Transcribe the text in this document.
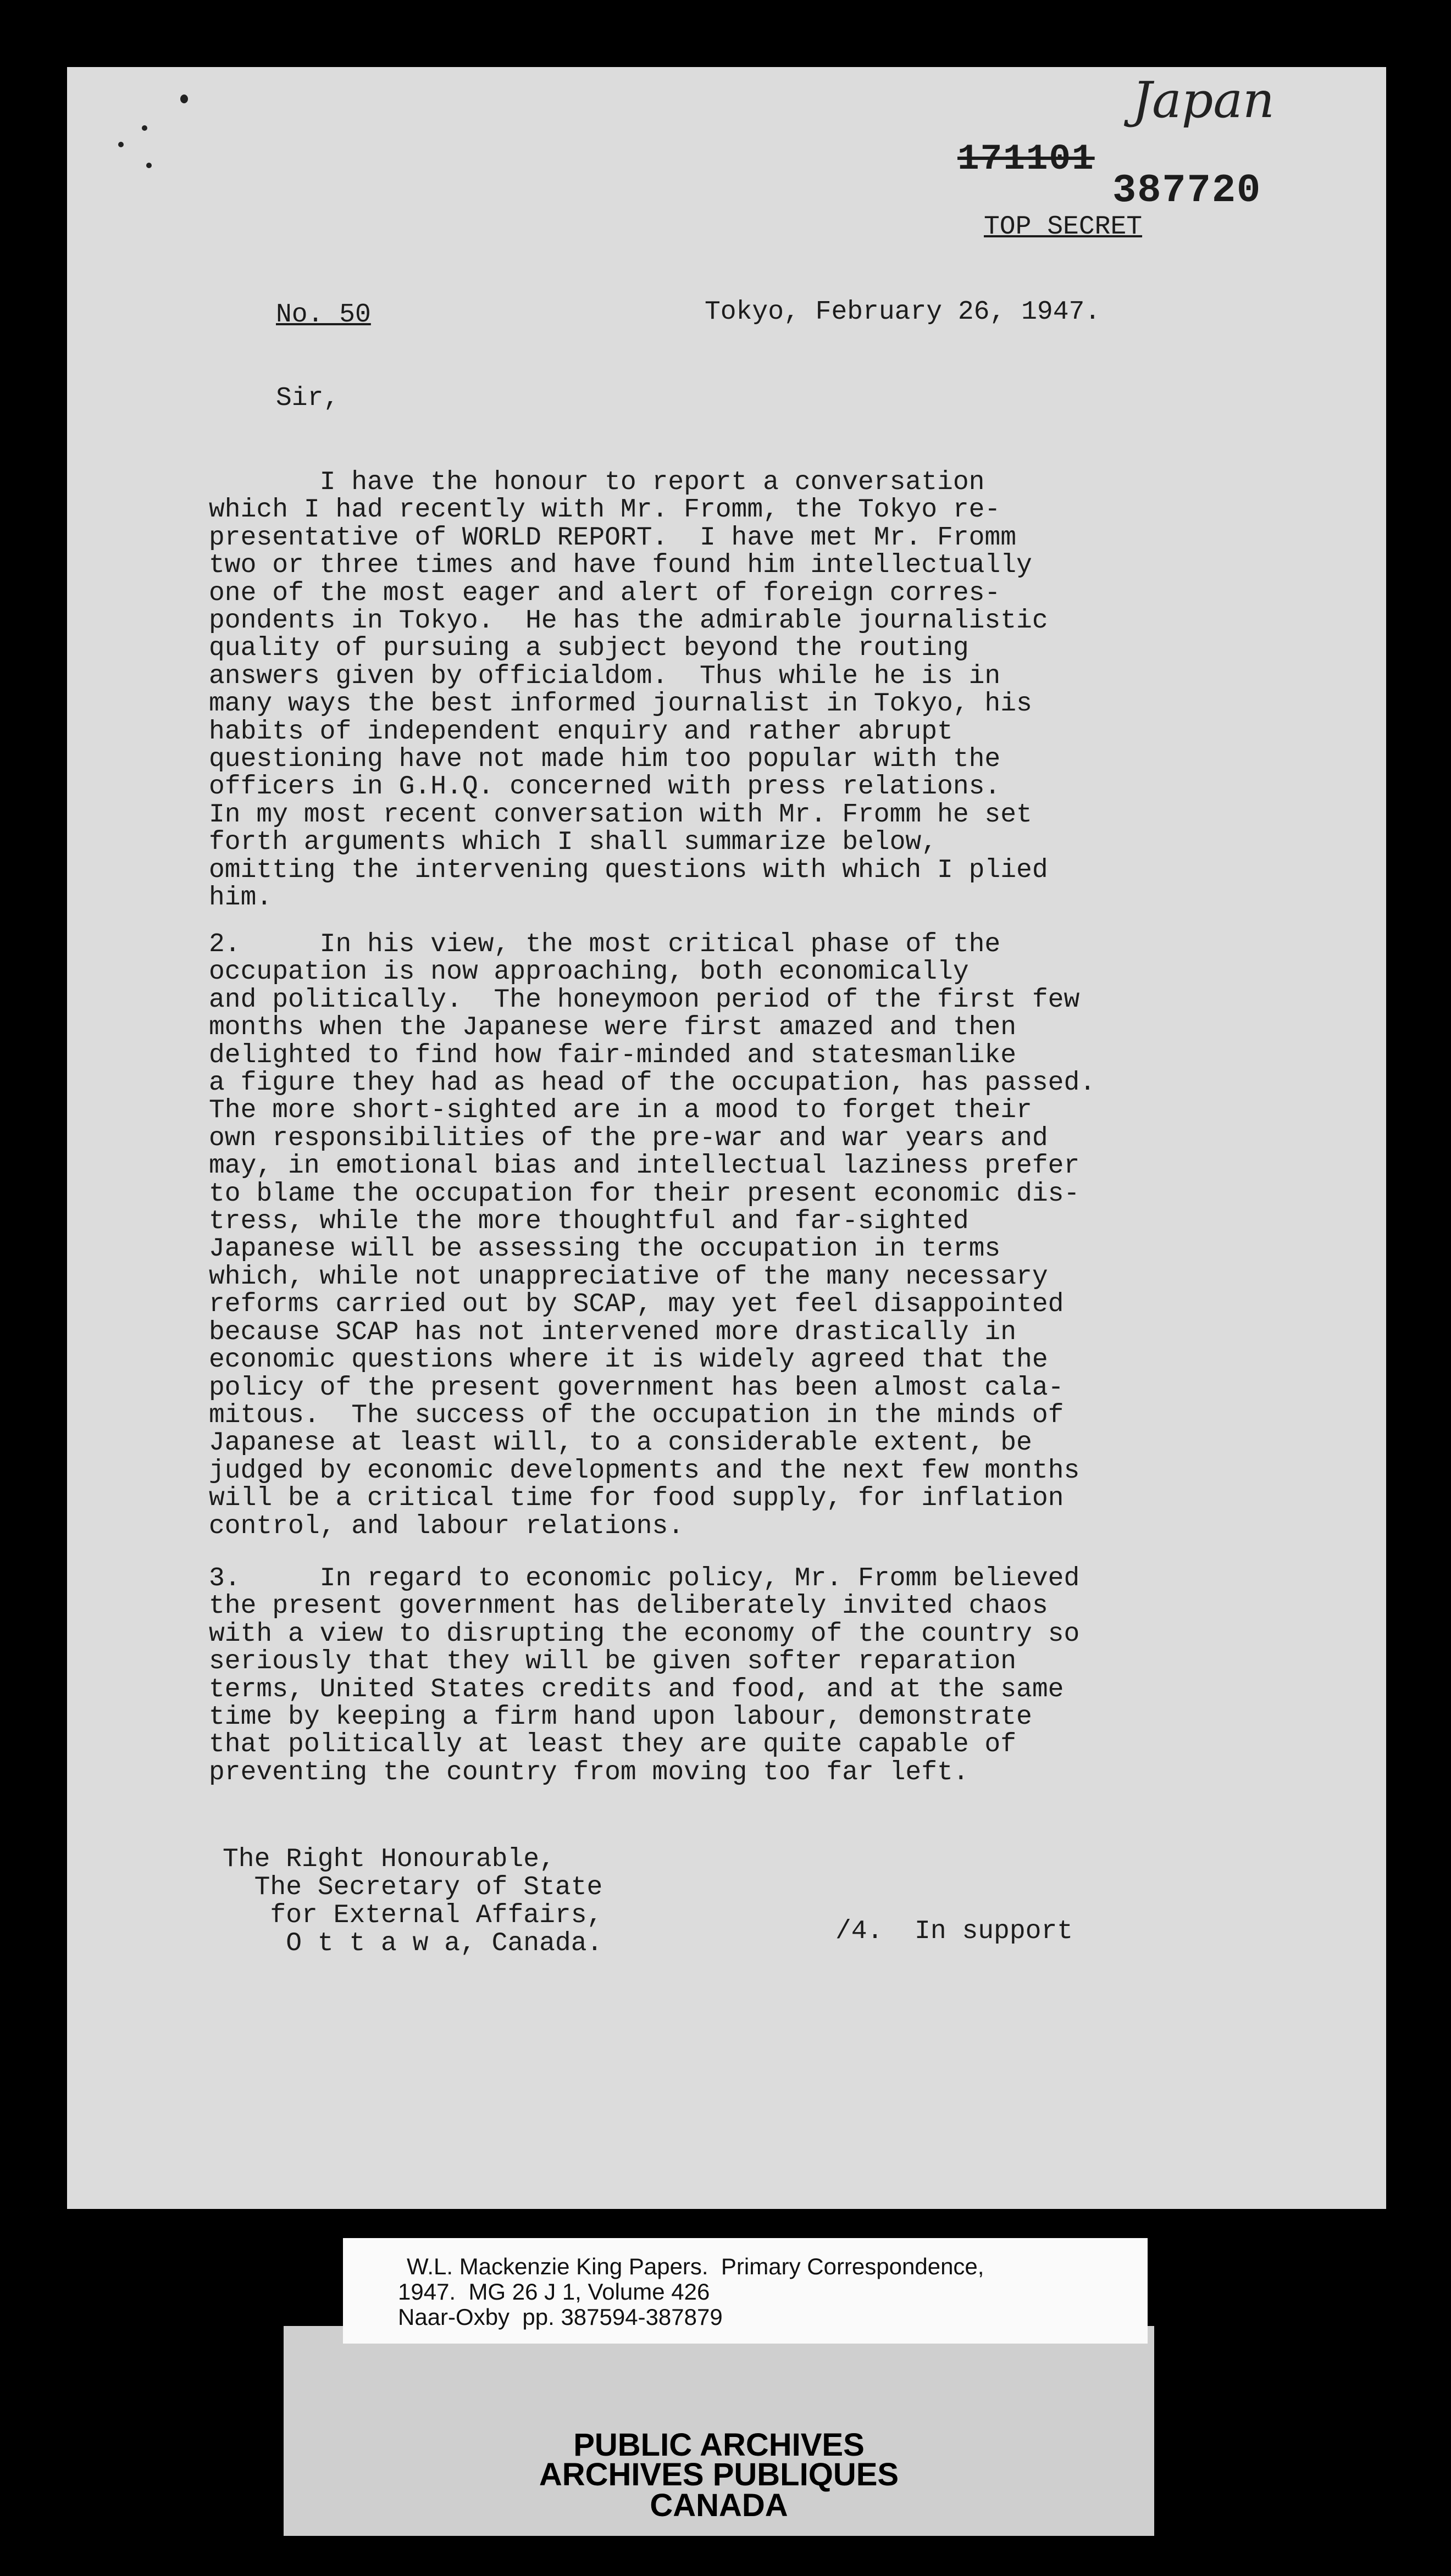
Japan
171101
387720
TOP SECRET
No. 50	Tokyo, February 26, 1947.
Sir,
I have the honour to report a conversation
which I had recently with Mr. Fromm, the Tokyo re-
presentative of WORLD REPORT.  I have met Mr. Fromm
two or three times and have found him intellectually
one of the most eager and alert of foreign corres-
pondents in Tokyo.  He has the admirable journalistic
quality of pursuing a subject beyond the routing
answers given by officialdom.  Thus while he is in
many ways the best informed journalist in Tokyo, his
habits of independent enquiry and rather abrupt
questioning have not made him too popular with the
officers in G.H.Q. concerned with press relations.
In my most recent conversation with Mr. Fromm he set
forth arguments which I shall summarize below,
omitting the intervening questions with which I plied
him.
2.     In his view, the most critical phase of the
occupation is now approaching, both economically
and politically.  The honeymoon period of the first few
months when the Japanese were first amazed and then
delighted to find how fair-minded and statesmanlike
a figure they had as head of the occupation, has passed.
The more short-sighted are in a mood to forget their
own responsibilities of the pre-war and war years and
may, in emotional bias and intellectual laziness prefer
to blame the occupation for their present economic dis-
tress, while the more thoughtful and far-sighted
Japanese will be assessing the occupation in terms
which, while not unappreciative of the many necessary
reforms carried out by SCAP, may yet feel disappointed
because SCAP has not intervened more drastically in
economic questions where it is widely agreed that the
policy of the present government has been almost cala-
mitous.  The success of the occupation in the minds of
Japanese at least will, to a considerable extent, be
judged by economic developments and the next few months
will be a critical time for food supply, for inflation
control, and labour relations.
3.     In regard to economic policy, Mr. Fromm believed
the present government has deliberately invited chaos
with a view to disrupting the economy of the country so
seriously that they will be given softer reparation
terms, United States credits and food, and at the same
time by keeping a firm hand upon labour, demonstrate
that politically at least they are quite capable of
preventing the country from moving too far left.
The Right Honourable,
The Secretary of State
for External Affairs,
O t t a w a, Canada.	/4.  In support
PUBLIC ARCHIVES
ARCHIVES PUBLIQUES
CANADA
W.L. Mackenzie King Papers.  Primary Correspondence,
1947.  MG 26 J 1, Volume 426
Naar-Oxby  pp. 387594-387879
